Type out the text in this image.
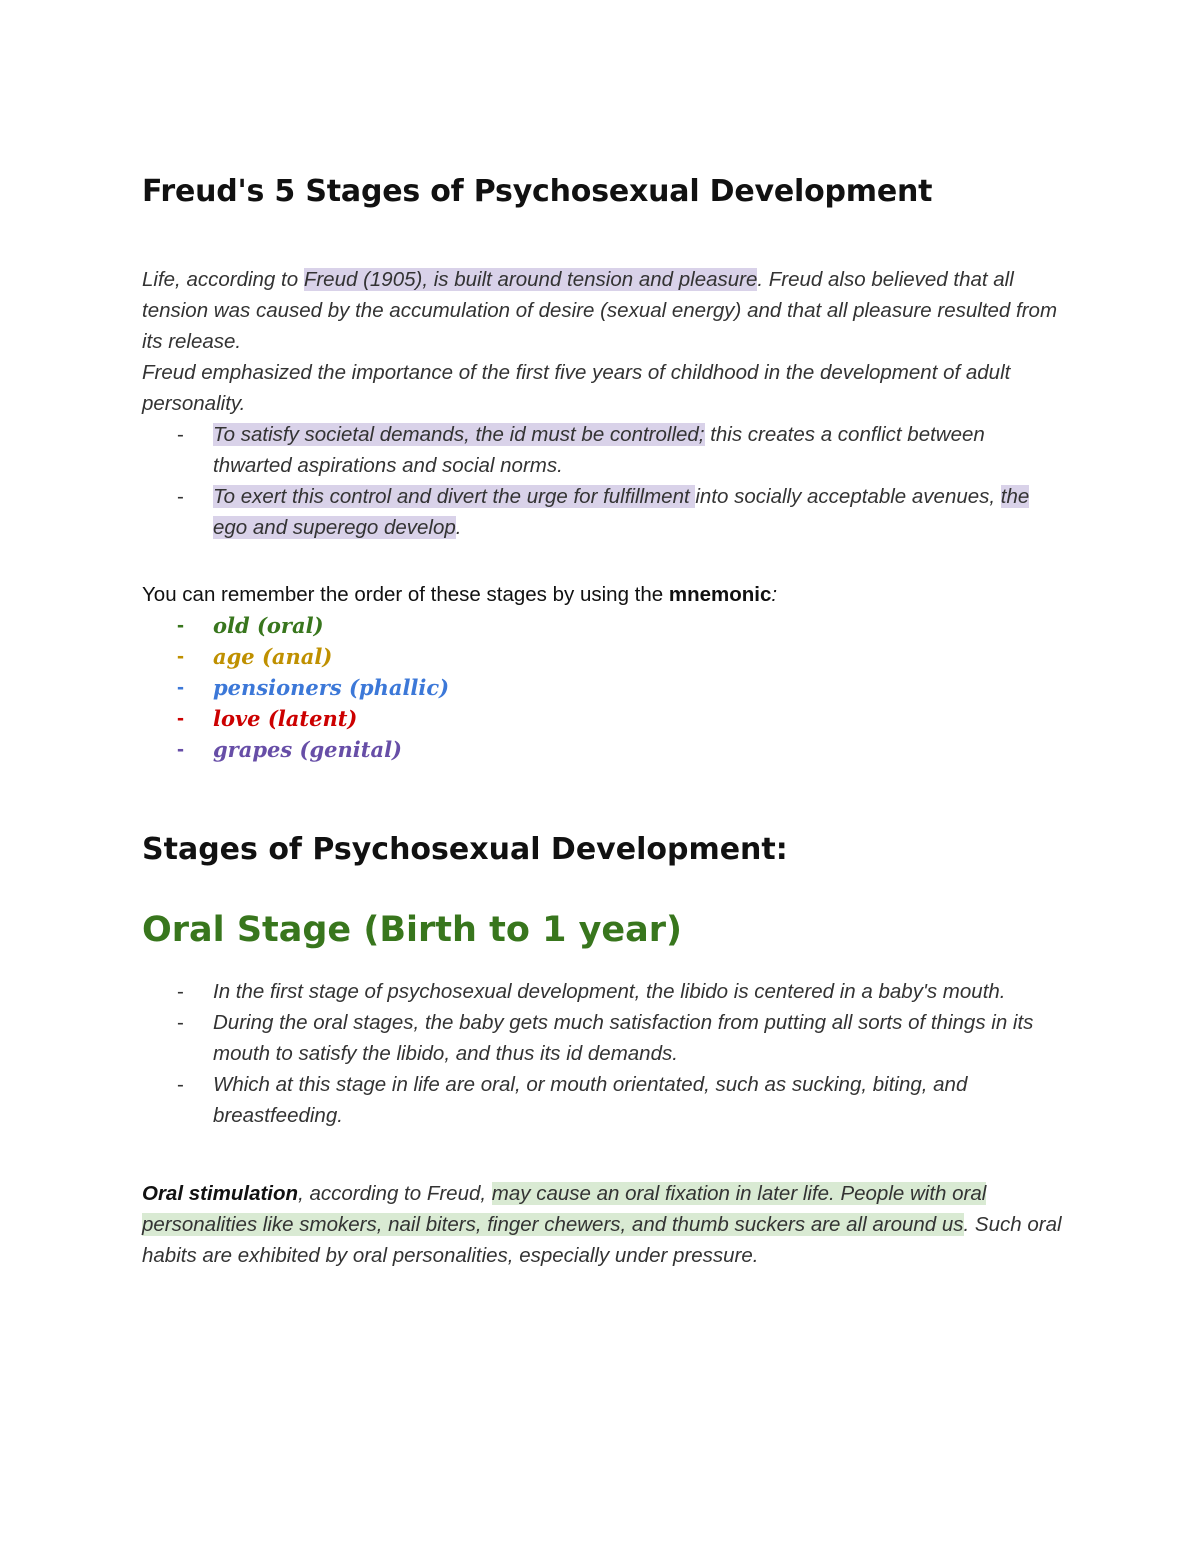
Freud's 5 Stages of Psychosexual Development

Life, according to Freud (1905), is built around tension and pleasure. Freud also believed that all tension was caused by the accumulation of desire (sexual energy) and that all pleasure resulted from its release.

Freud emphasized the importance of the first five years of childhood in the development of adult personality.

- To satisfy societal demands, the id must be controlled; this creates a conflict between thwarted aspirations and social norms.
- To exert this control and divert the urge for fulfillment into socially acceptable avenues, the ego and superego develop.

You can remember the order of these stages by using the mnemonic:

- old (oral)
- age (anal)
- pensioners (phallic)
- love (latent)
- grapes (genital)
Stages of Psychosexual Development:
Oral Stage (Birth to 1 year)
- In the first stage of psychosexual development, the libido is centered in a baby's mouth.
- During the oral stages, the baby gets much satisfaction from putting all sorts of things in its mouth to satisfy the libido, and thus its id demands.
- Which at this stage in life are oral, or mouth orientated, such as sucking, biting, and breastfeeding.

Oral stimulation, according to Freud, may cause an oral fixation in later life. People with oral personalities like smokers, nail biters, finger chewers, and thumb suckers are all around us. Such oral habits are exhibited by oral personalities, especially under pressure.
